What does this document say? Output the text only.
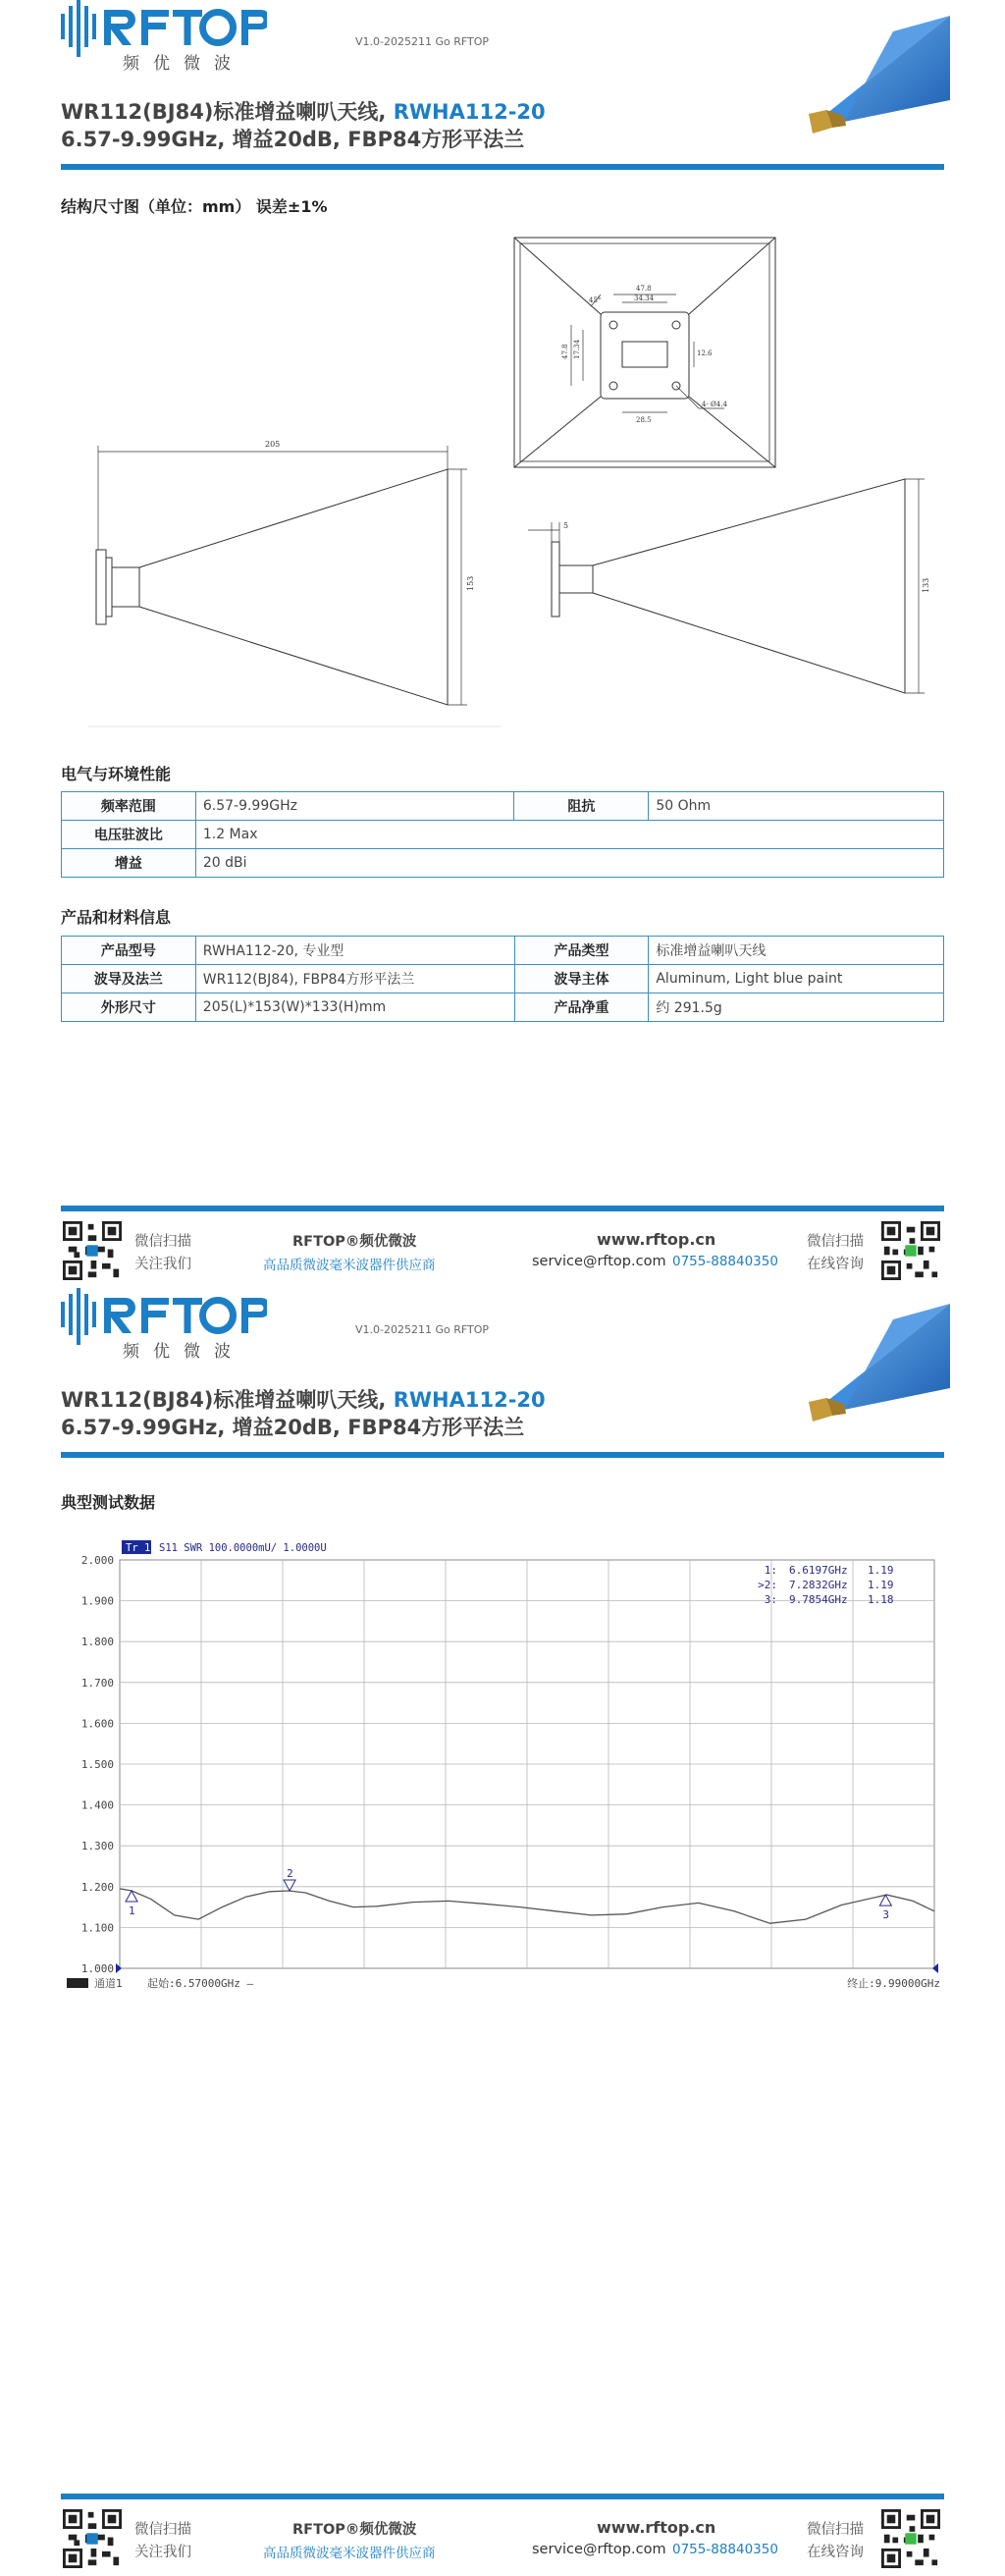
频优微波
V1.0-2025211 Go RFTOP
WR112(BJ84)标准增益喇叭天线, RWHA112-20
6.57-9.99GHz, 增益20dB, FBP84方形平法兰
结构尺寸图（单位：mm） 误差±1%
47.8
34.34
47.8 17.34
28.5
4- Ø4.4
12.6
45°
205
153
5
133
电气与环境性能
频率范围	6.57-9.99GHz	阻抗	50 Ohm
电压驻波比	1.2 Max		
增益	20 dBi		
产品和材料信息
产品型号	RWHA112-20, 专业型	产品类型	标准增益喇叭天线
波导及法兰	WR112(BJ84), FBP84方形平法兰	波导主体	Aluminum, Light blue paint
外形尺寸	205(L)*153(W)*133(H)mm	产品净重	约 291.5g
微信扫描
关注我们
RFTOP®频优微波
高品质微波毫米波器件供应商
www.rftop.cn
service@rftop.com 0755-88840350
微信扫描
在线咨询
频优微波
V1.0-2025211 Go RFTOP
WR112(BJ84)标准增益喇叭天线, RWHA112-20
6.57-9.99GHz, 增益20dB, FBP84方形平法兰
典型测试数据
2.000
1.900
1.800
1.700
1.600
1.500
1.400
1.300
1.200
1.100
1.000
Tr 1 S11 SWR 100.0000mU/ 1.0000U
1: 6.6197GHz 1.19
>2: 7.2832GHz 1.19
3: 9.7854GHz 1.18
1
2
3
通道1 起始:6.57000GHz —	终止:9.99000GHz
微信扫描
关注我们
RFTOP®频优微波
高品质微波毫米波器件供应商
www.rftop.cn
service@rftop.com 0755-88840350
微信扫描
在线咨询
